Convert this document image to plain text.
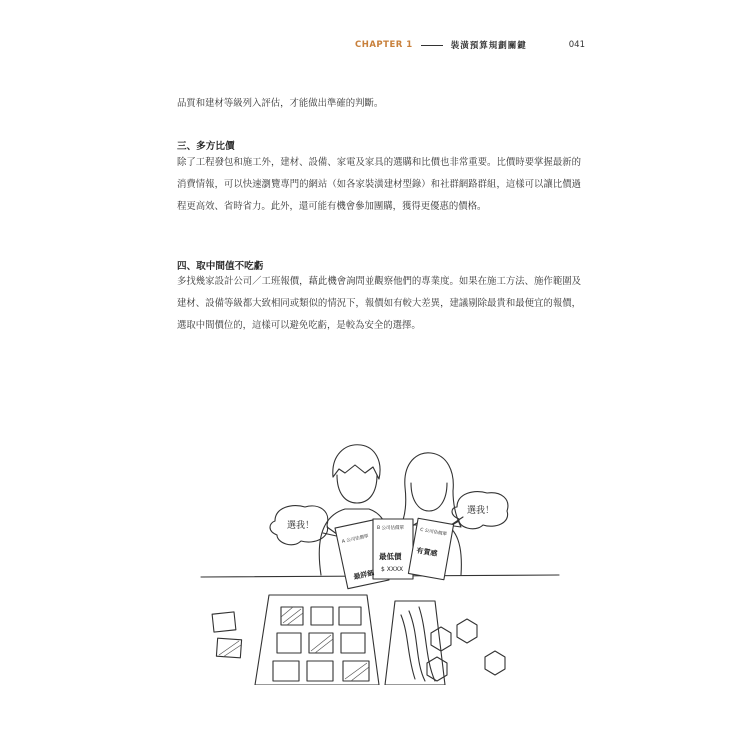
CHAPTER 1	裝潢預算規劃關鍵	041

品質和建材等級列入評估，才能做出準確的判斷。

三、多方比價

除了工程發包和施工外，建材、設備、家電及家具的選購和比價也非常重要。比價時要掌握最新的消費情報，可以快速瀏覽專門的網站（如各家裝潢建材型錄）和社群網路群組，這樣可以讓比價過程更高效、省時省力。此外，還可能有機會參加團購，獲得更優惠的價格。

四、取中間值不吃虧

多找幾家設計公司／工班報價，藉此機會詢問並觀察他們的專業度。如果在施工方法、施作範圍及建材、設備等級都大致相同或類似的情況下，報價如有較大差異，建議剔除最貴和最便宜的報價，選取中間價位的，這樣可以避免吃虧，是較為安全的選擇。

選我！
選我！
A 公司估價單
最詳細
B 公司估價單
最低價
$ XXXX
C 公司估價單
有質感
